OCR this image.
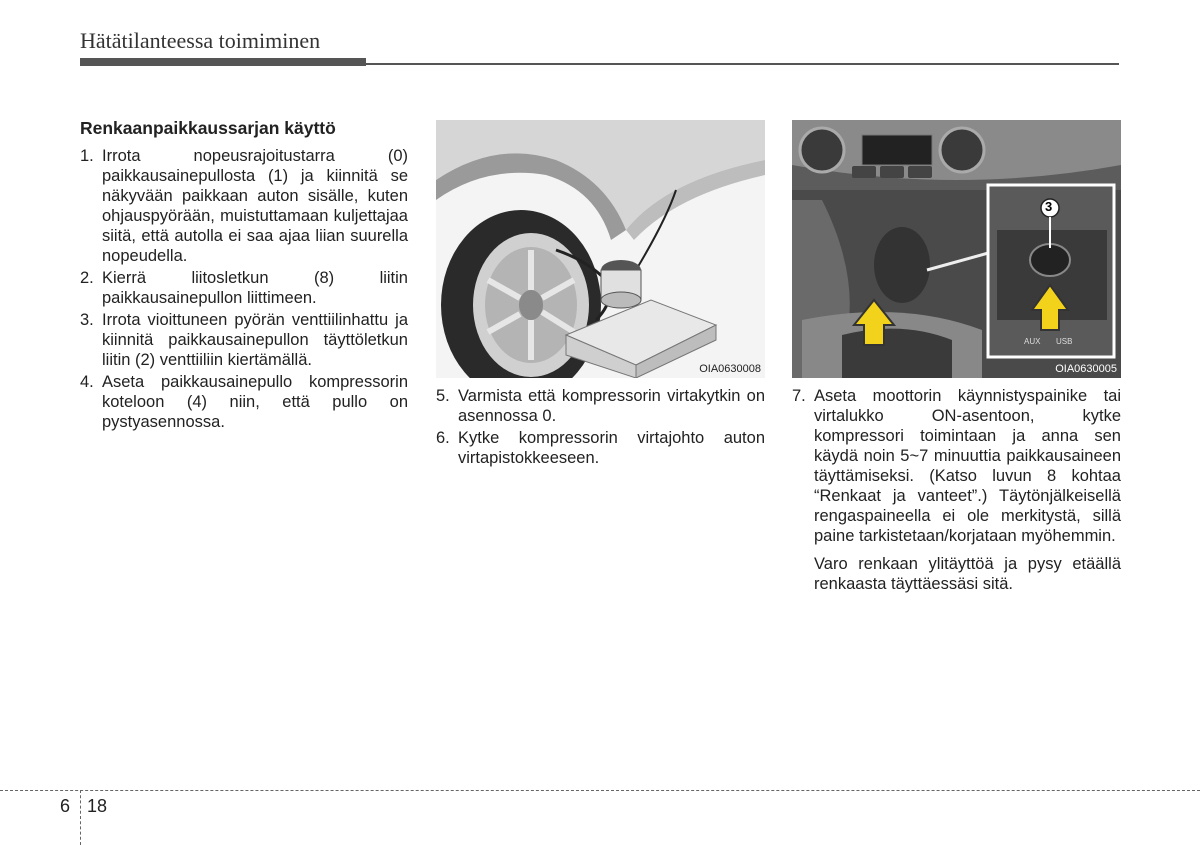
Hätätilanteessa toimiminen
Renkaanpaikkaussarjan käyttö
1. Irrota nopeusrajoitustarra (0) paikkausainepullosta (1) ja kiinnitä se näkyvään paikkaan auton sisälle, kuten ohjauspyörään, muistuttamaan kuljettajaa siitä, että autolla ei saa ajaa liian suurella nopeudella.
2. Kierrä liitosletkun (8) liitin paikkausainepullon liittimeen.
3. Irrota vioittuneen pyörän venttiilinhattu ja kiinnitä paikkausainepullon täyttöletkun liitin (2) venttiiliin kiertämällä.
4. Aseta paikkausainepullo kompressorin koteloon (4) niin, että pullo on pystyasennossa.
OIA0630008
5. Varmista että kompressorin virtakytkin on asennossa 0.
6. Kytke kompressorin virtajohto auton virtapistokkeeseen.
3
AUX USB
OIA0630005
7. Aseta moottorin käynnistyspainike tai virtalukko ON-asentoon, kytke kompressori toimintaan ja anna sen käydä noin 5~7 minuuttia paikkausaineen täyttämiseksi. (Katso luvun 8 kohtaa “Renkaat ja vanteet”.) Täytönjälkeisellä rengaspaineella ei ole merkitystä, sillä paine tarkistetaan/korjataan myöhemmin.
Varo renkaan ylitäyttöä ja pysy etäällä renkaasta täyttäessäsi sitä.
6 18
